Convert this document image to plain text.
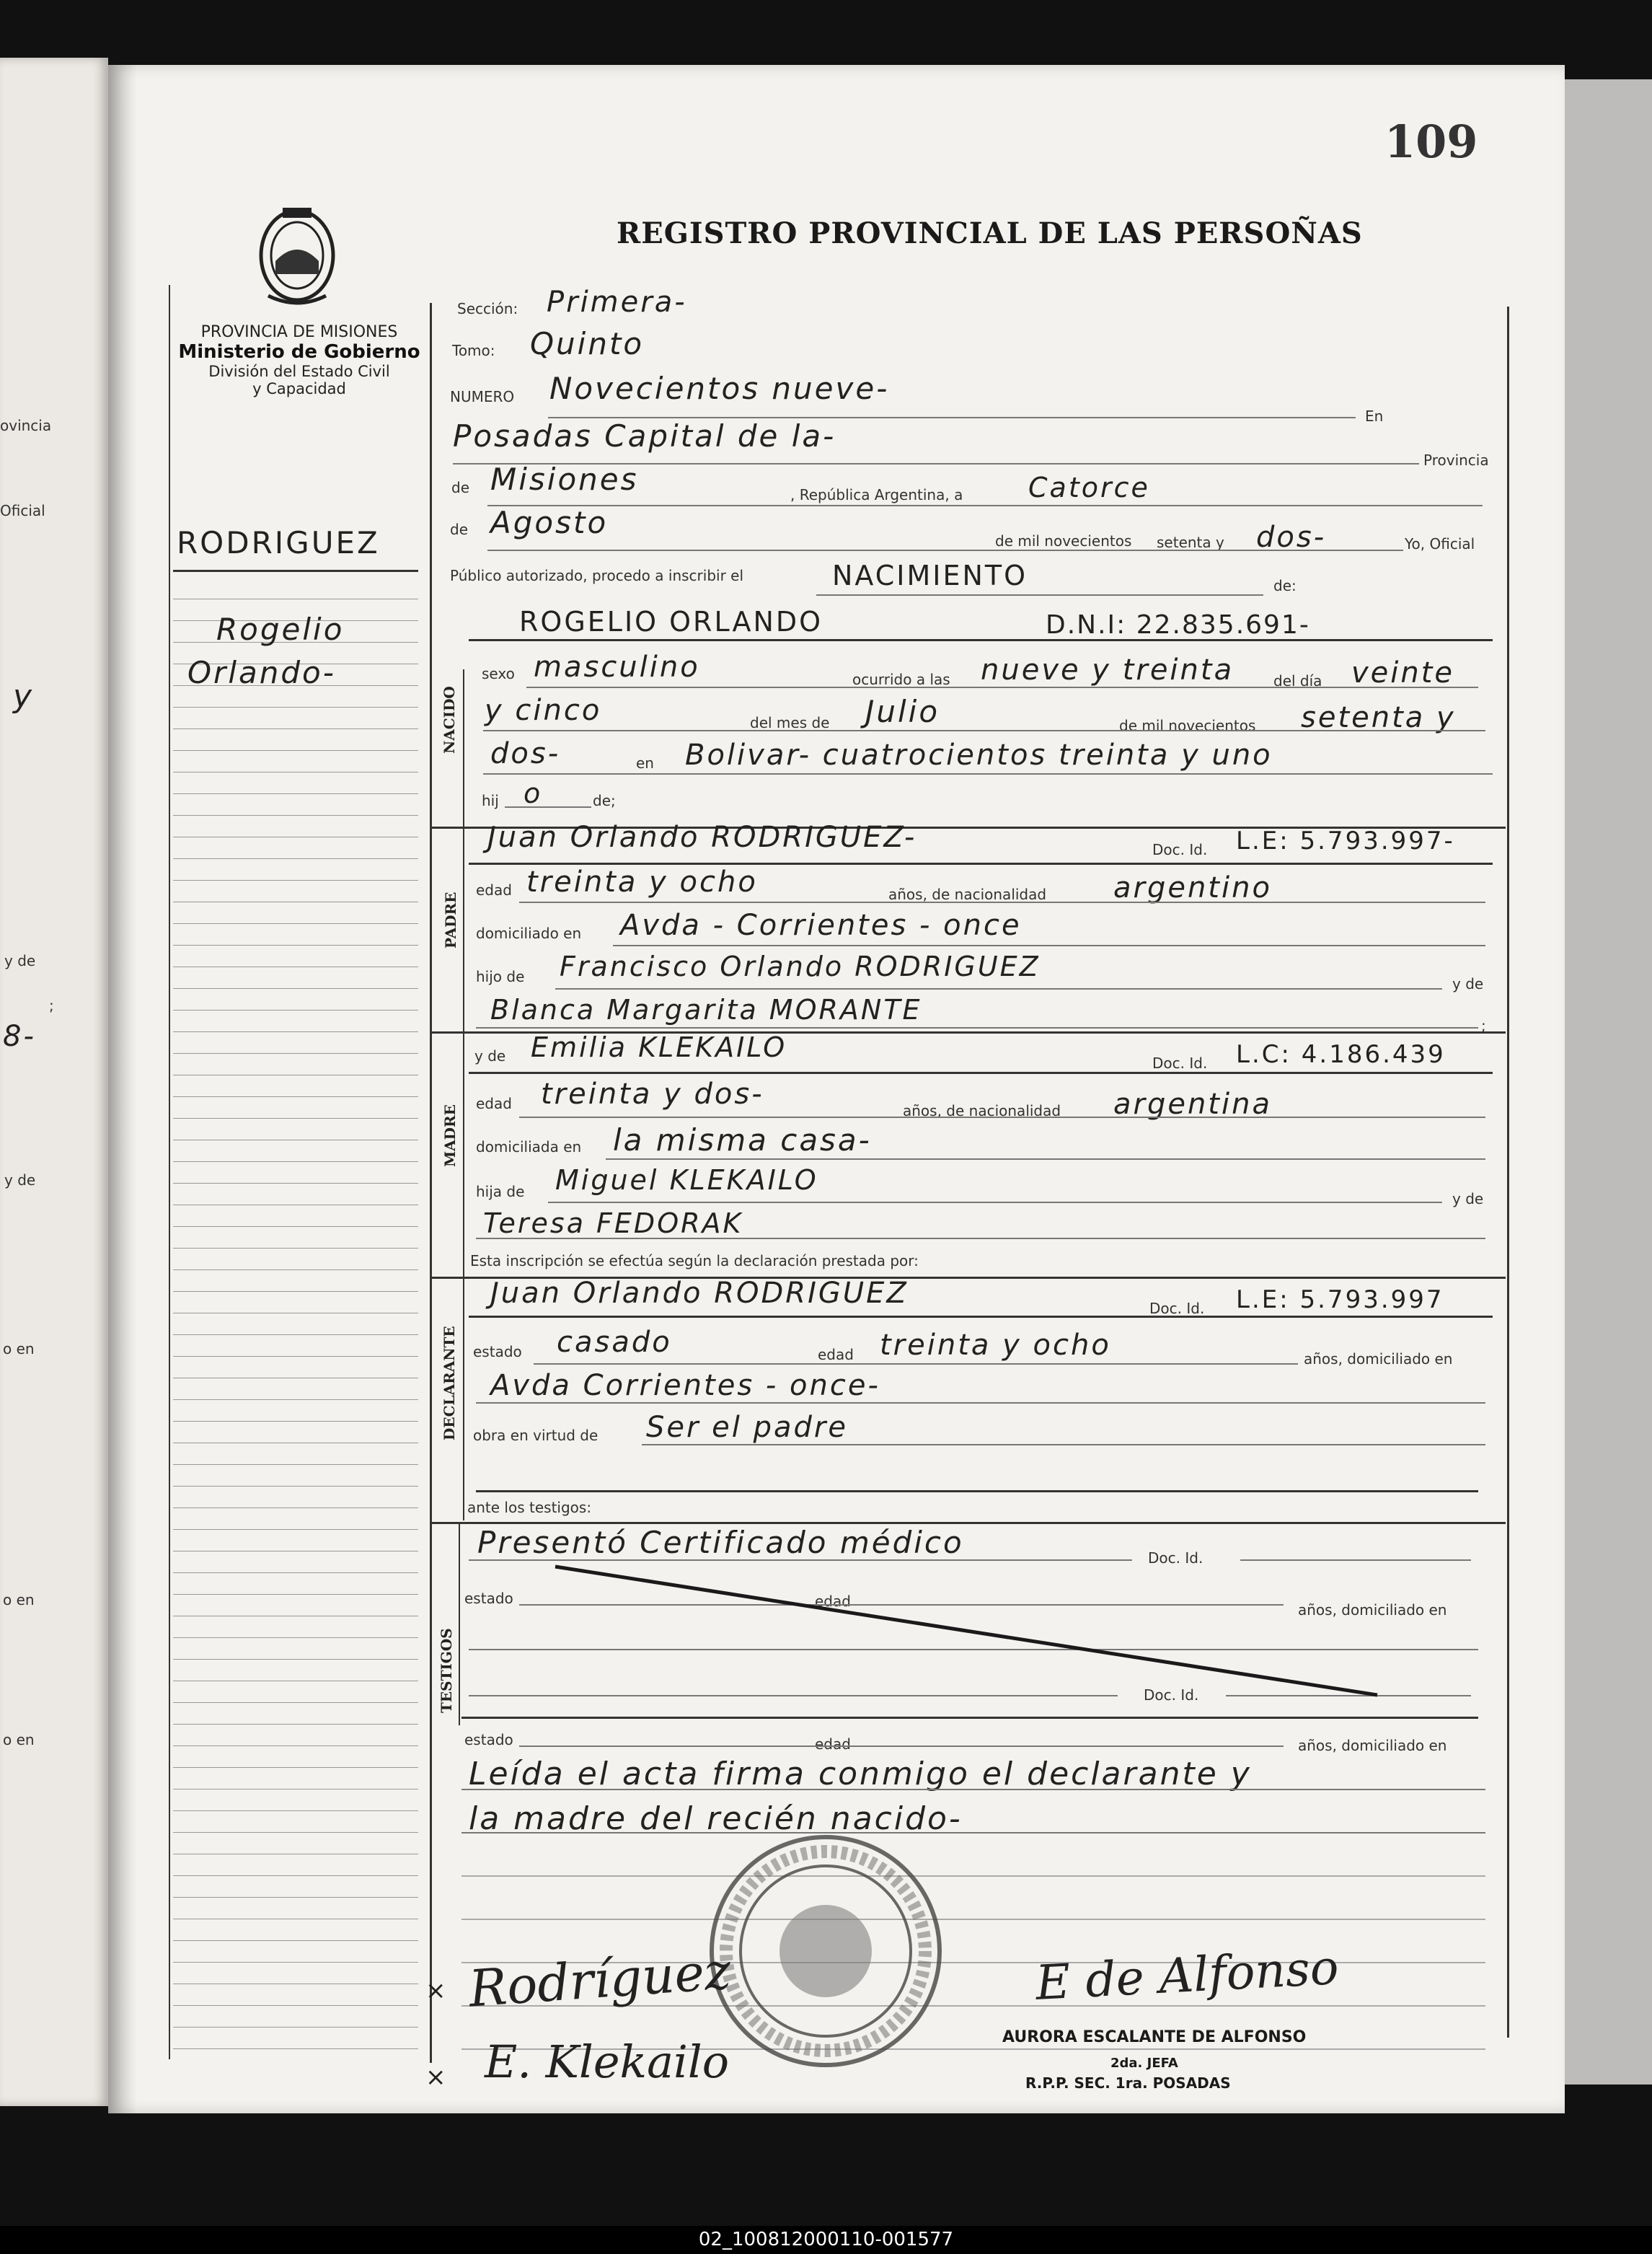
ovincia
Oficial
y
y de
;
8-
y de
o en
o en
o en
109
REGISTRO PROVINCIAL DE LAS PERSOÑAS
PROVINCIA DE MISIONES
Ministerio de Gobierno
División del Estado Civil
y Capacidad
RODRIGUEZ
Rogelio
Orlando-
Sección: Primera-
Tomo: Quinto
NUMERO Novecientos nueve-
En
Posadas Capital de la-
Provincia
de Misiones	, República Argentina, a Catorce
de Agosto
de mil novecientos setenta y dos-	Yo, Oficial
Público autorizado, procedo a inscribir el	NACIMIENTO	de:
NACIDO
ROGELIO ORLANDO	D.N.I: 22.835.691-
sexo masculino	ocurrido a las nueve y treinta	del día veinte
y cinco	del mes de Julio	de mil novecientos setenta y
dos-	en Bolivar- cuatrocientos treinta y uno
hij o	de;
PADRE
Juan Orlando RODRIGUEZ-	Doc. Id. L.E: 5.793.997-
edad treinta y ocho	años, de nacionalidad argentino
domiciliado en Avda - Corrientes - once
hijo de Francisco Orlando RODRIGUEZ
y de
Blanca Margarita MORANTE	;
MADRE
y de Emilia KLEKAILO	Doc. Id. L.C: 4.186.439
edad treinta y dos-	años, de nacionalidad argentina
domiciliada en la misma casa-
hija de Miguel KLEKAILO
y de
Teresa FEDORAK
Esta inscripción se efectúa según la declaración prestada por:
DECLARANTE
Juan Orlando RODRIGUEZ	Doc. Id. L.E: 5.793.997
estado casado	edad treinta y ocho	años, domiciliado en
Avda Corrientes - once-
obra en virtud de Ser el padre
ante los testigos:
TESTIGOS
Presentó Certificado médico	Doc. Id.
estado	edad	años, domiciliado en
Doc. Id.
estado	edad	años, domiciliado en
Leída el acta firma conmigo el declarante y
la madre del recién nacido-
× Rodríguez
× E. Klekailo
E de Alfonso
AURORA ESCALANTE DE ALFONSO
2da. JEFA
R.P.P. SEC. 1ra. POSADAS
02_100812000110-001577
